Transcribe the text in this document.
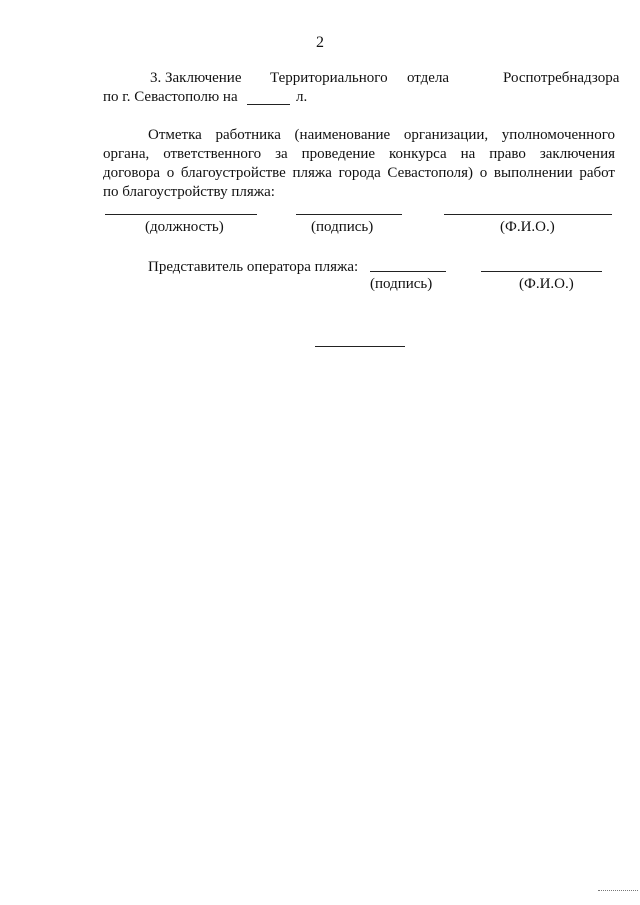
2
3. Заключение Территориального отдела	Роспотребнадзора
по г. Севастополю на	л.
Отметка работника (наименование организации, уполномоченного
органа, ответственного за проведение конкурса на право заключения
договора о благоустройстве пляжа города Севастополя) о выполнении работ
по благоустройству пляжа:
(должность)	(подпись)	(Ф.И.О.)
Представитель оператора пляжа:
(подпись)	(Ф.И.О.)
